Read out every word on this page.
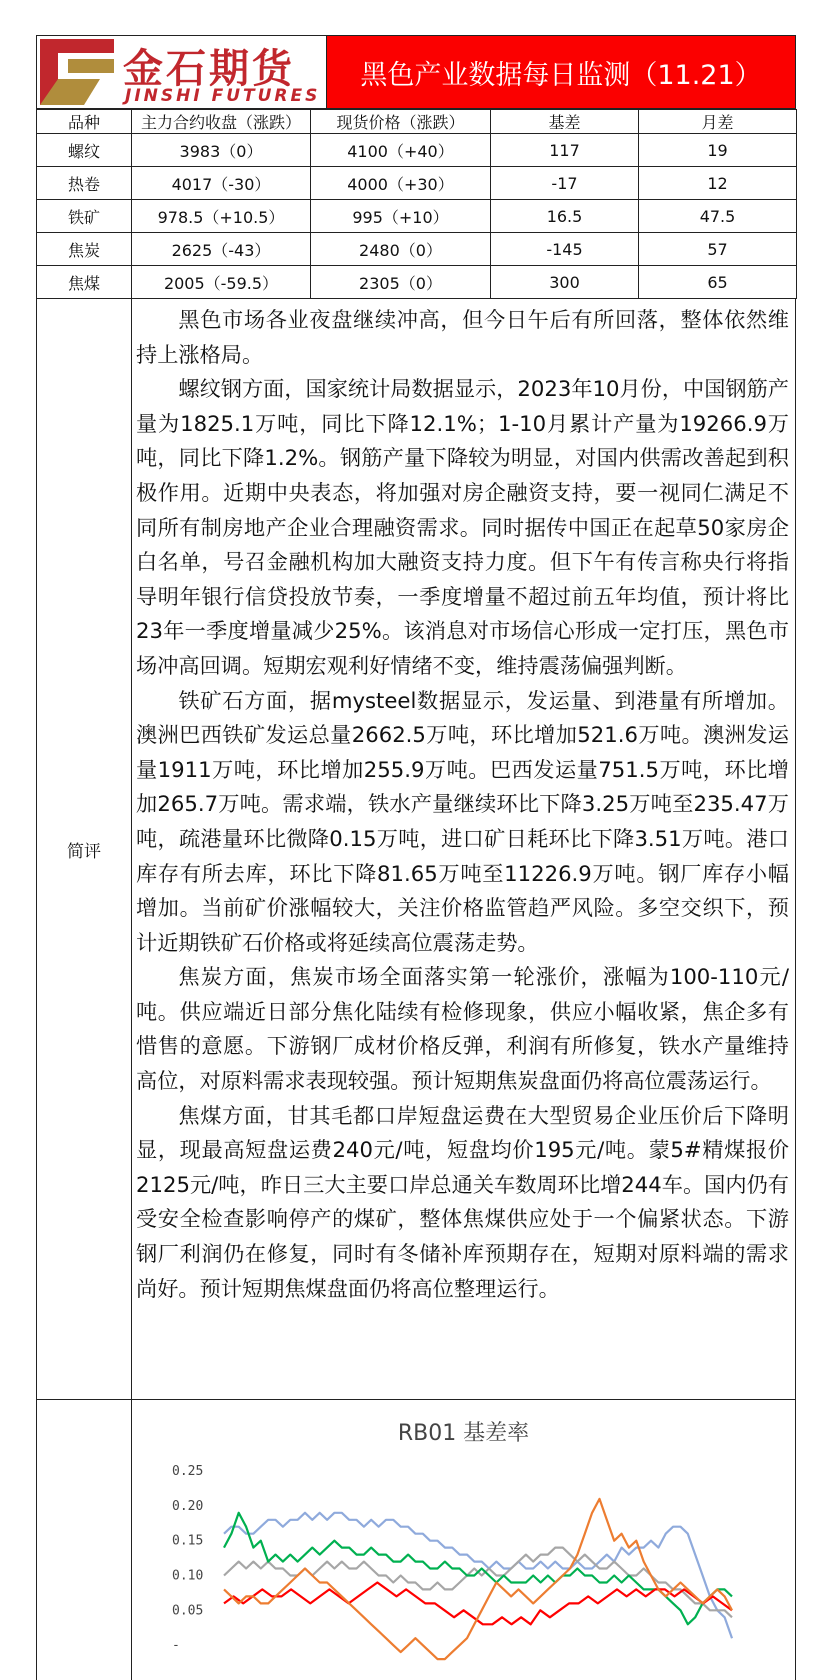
金石期货
JINSHI FUTURES
黑色产业数据每日监测（11.21）
品种	主力合约收盘（涨跌）	现货价格（涨跌）	基差	月差
螺纹	3983（0）	4100（+40）	117	19
热卷	4017（-30）	4000（+30）	-17	12
铁矿	978.5（+10.5）	995（+10）	16.5	47.5
焦炭	2625（-43）	2480（0）	-145	57
焦煤	2005（-59.5）	2305（0）	300	65
简评

黑色市场各业夜盘继续冲高，但今日午后有所回落，整体依然维持上涨格局。

螺纹钢方面，国家统计局数据显示，2023年10月份，中国钢筋产量为1825.1万吨，同比下降12.1%；1-10月累计产量为19266.9万吨，同比下降1.2%。钢筋产量下降较为明显，对国内供需改善起到积极作用。近期中央表态，将加强对房企融资支持，要一视同仁满足不同所有制房地产企业合理融资需求。同时据传中国正在起草50家房企白名单，号召金融机构加大融资支持力度。但下午有传言称央行将指导明年银行信贷投放节奏，一季度增量不超过前五年均值，预计将比23年一季度增量减少25%。该消息对市场信心形成一定打压，黑色市场冲高回调。短期宏观利好情绪不变，维持震荡偏强判断。

铁矿石方面，据mysteel数据显示，发运量、到港量有所增加。澳洲巴西铁矿发运总量2662.5万吨，环比增加521.6万吨。澳洲发运量1911万吨，环比增加255.9万吨。巴西发运量751.5万吨，环比增加265.7万吨。需求端，铁水产量继续环比下降3.25万吨至235.47万吨，疏港量环比微降0.15万吨，进口矿日耗环比下降3.51万吨。港口库存有所去库，环比下降81.65万吨至11226.9万吨。钢厂库存小幅增加。当前矿价涨幅较大，关注价格监管趋严风险。多空交织下，预计近期铁矿石价格或将延续高位震荡走势。

焦炭方面，焦炭市场全面落实第一轮涨价，涨幅为100-110元/吨。供应端近日部分焦化陆续有检修现象，供应小幅收紧，焦企多有惜售的意愿。下游钢厂成材价格反弹，利润有所修复，铁水产量维持高位，对原料需求表现较强。预计短期焦炭盘面仍将高位震荡运行。

焦煤方面，甘其毛都口岸短盘运费在大型贸易企业压价后下降明显，现最高短盘运费240元/吨，短盘均价195元/吨。蒙5#精煤报价2125元/吨，昨日三大主要口岸总通关车数周环比增244车。国内仍有受安全检查影响停产的煤矿，整体焦煤供应处于一个偏紧状态。下游钢厂利润仍在修复，同时有冬储补库预期存在，短期对原料端的需求尚好。预计短期焦煤盘面仍将高位整理运行。

RB01 基差率
0.25
0.20
0.15
0.10
0.05
-
